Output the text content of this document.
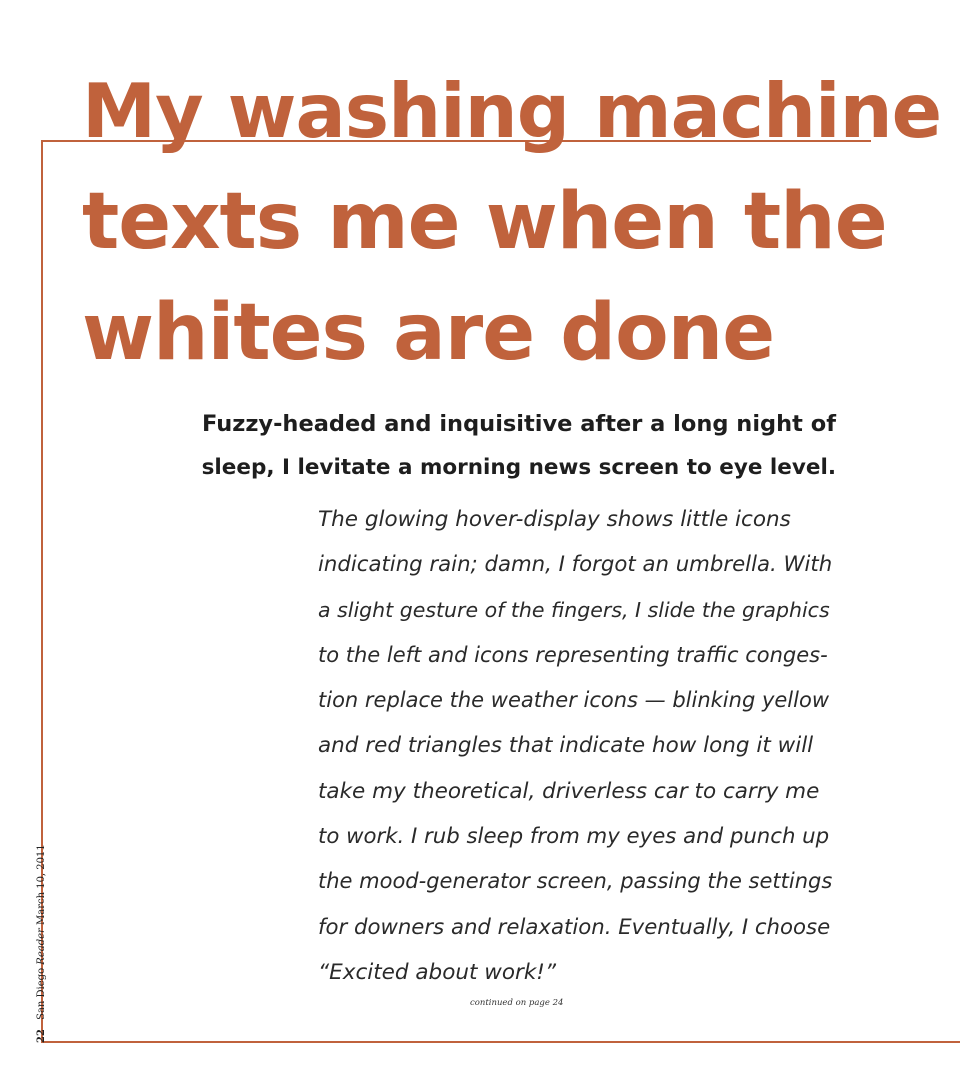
My washing machine
texts me when the
whites are done
Fuzzy-headed and inquisitive after a long night of
sleep, I levitate a morning news screen to eye level.
The glowing hover-display shows little icons
indicating rain; damn, I forgot an umbrella. With
a slight gesture of the fingers, I slide the graphics
to the left and icons representing traffic conges-
tion replace the weather icons — blinking yellow
and red triangles that indicate how long it will
take my theoretical, driverless car to carry me
to work. I rub sleep from my eyes and punch up
the mood-generator screen, passing the settings
for downers and relaxation. Eventually, I choose
“Excited about work!”
continued on page 24
22 San Diego Reader March 10, 2011
